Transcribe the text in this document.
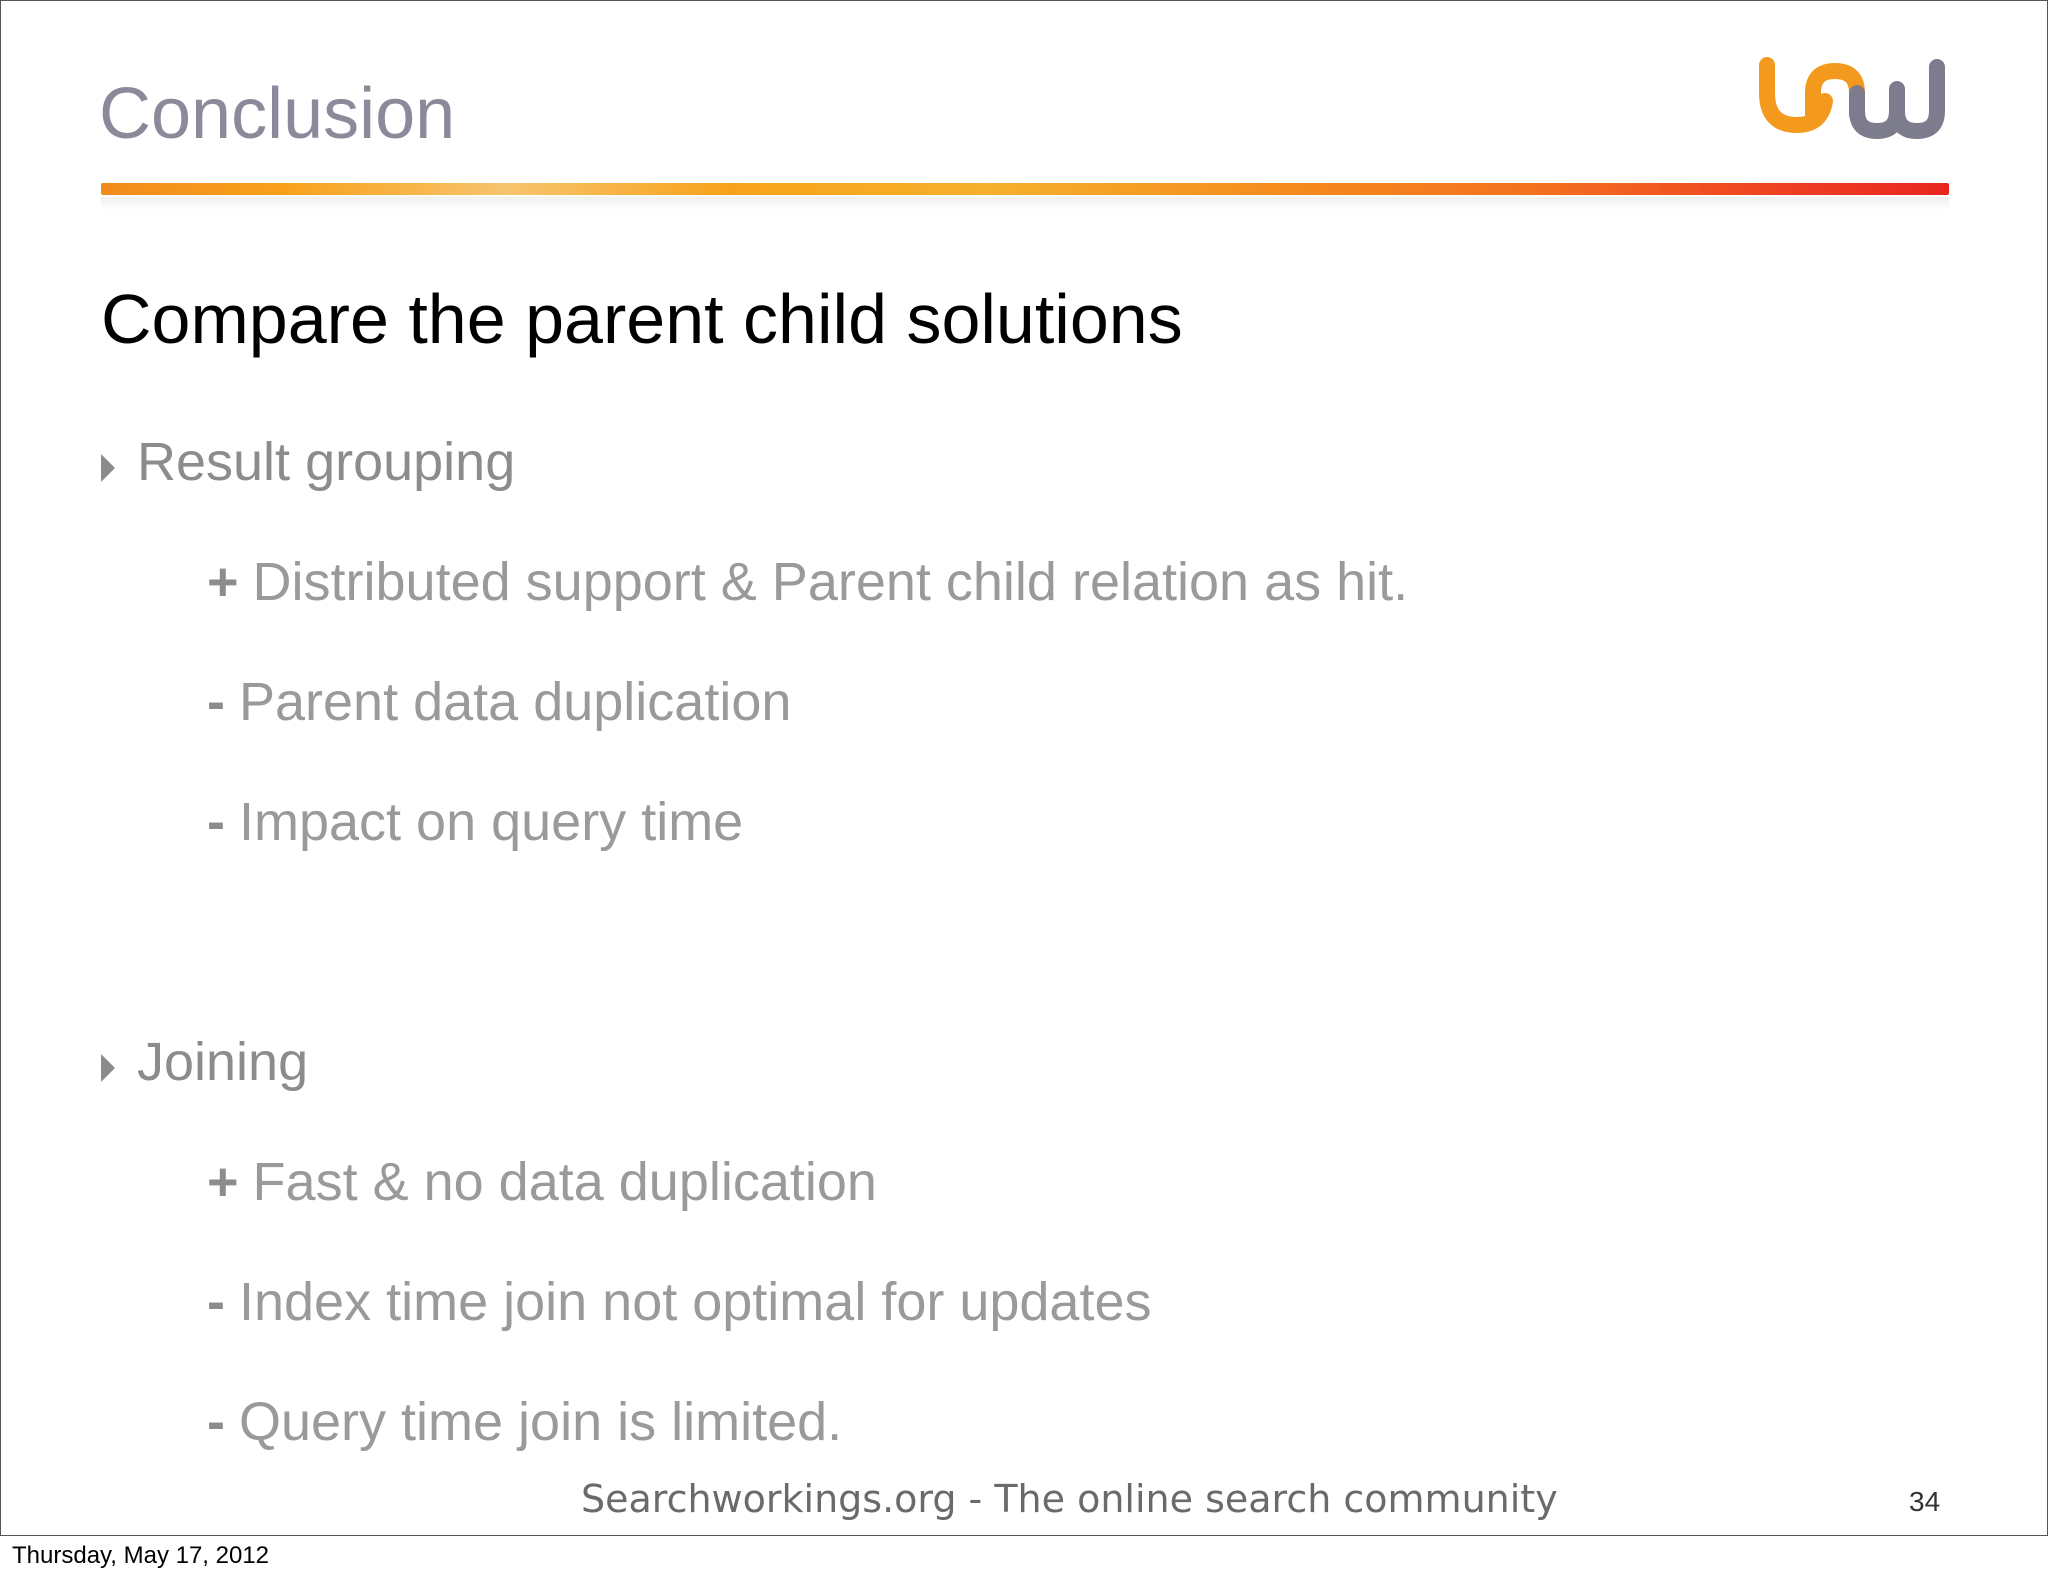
Conclusion
Compare the parent child solutions
Result grouping
+ Distributed support & Parent child relation as hit.
- Parent data duplication
- Impact on query time
Joining
+ Fast & no data duplication
- Index time join not optimal for updates
- Query time join is limited.
Searchworkings.org - The online search community	34
Thursday, May 17, 2012
